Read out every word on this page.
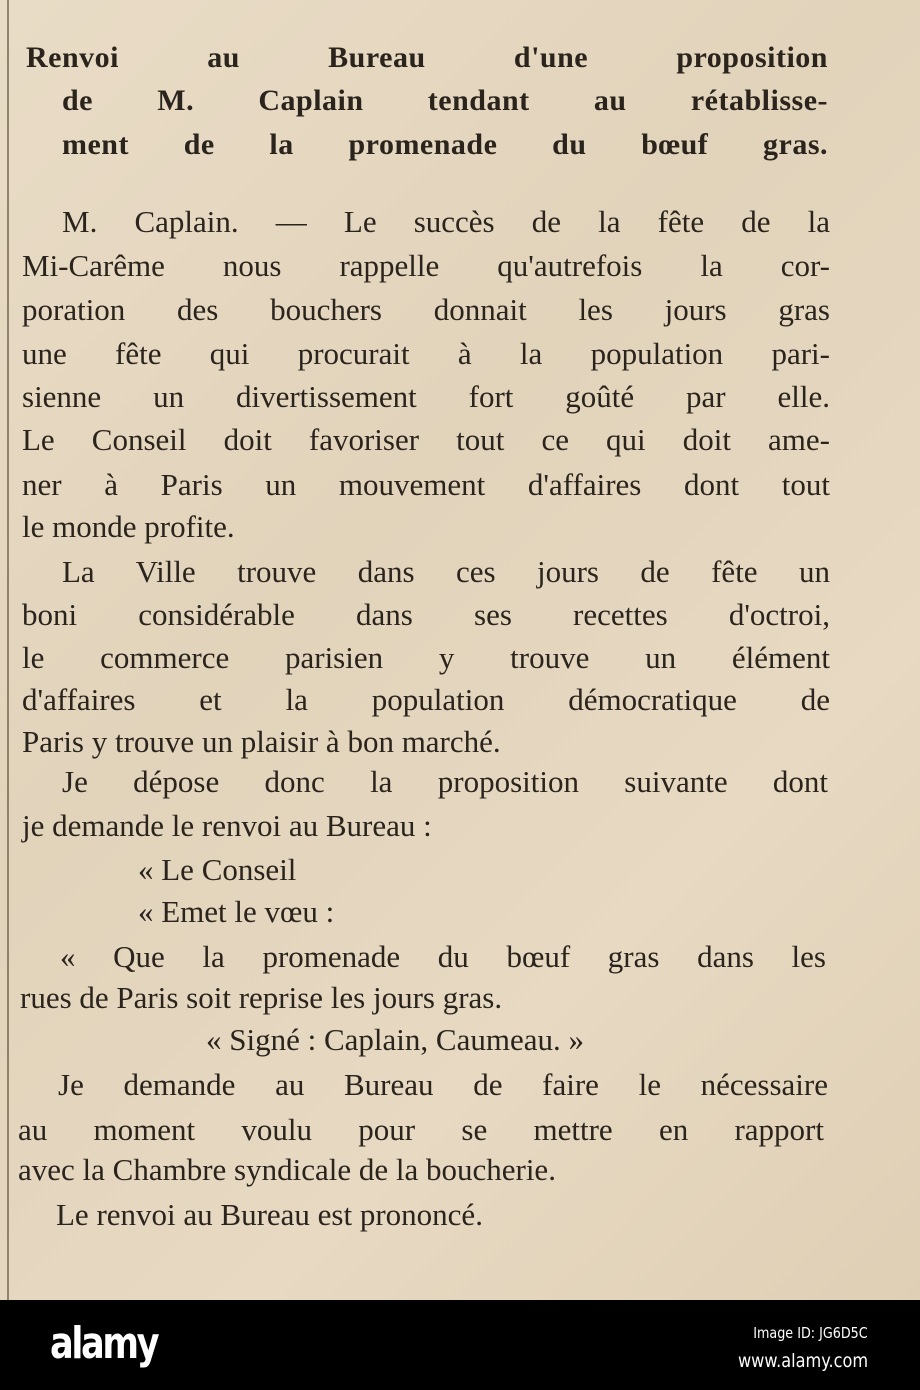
Renvoi au Bureau d'une proposition
de M. Caplain tendant au rétablisse-
ment de la promenade du bœuf gras.
M. Caplain. — Le succès de la fête de la
Mi-Carême nous rappelle qu'autrefois la cor-
poration des bouchers donnait les jours gras
une fête qui procurait à la population pari-
sienne un divertissement fort goûté par elle.
Le Conseil doit favoriser tout ce qui doit ame-
ner à Paris un mouvement d'affaires dont tout
le monde profite.
La Ville trouve dans ces jours de fête un
boni considérable dans ses recettes d'octroi,
le commerce parisien y trouve un élément
d'affaires et la population démocratique de
Paris y trouve un plaisir à bon marché.
Je dépose donc la proposition suivante dont
je demande le renvoi au Bureau :
« Le Conseil
« Emet le vœu :
« Que la promenade du bœuf gras dans les
rues de Paris soit reprise les jours gras.
« Signé : Caplain, Caumeau. »
Je demande au Bureau de faire le nécessaire
au moment voulu pour se mettre en rapport
avec la Chambre syndicale de la boucherie.
Le renvoi au Bureau est prononcé.
alamy	Image ID: JG6D5C
www.alamy.com
